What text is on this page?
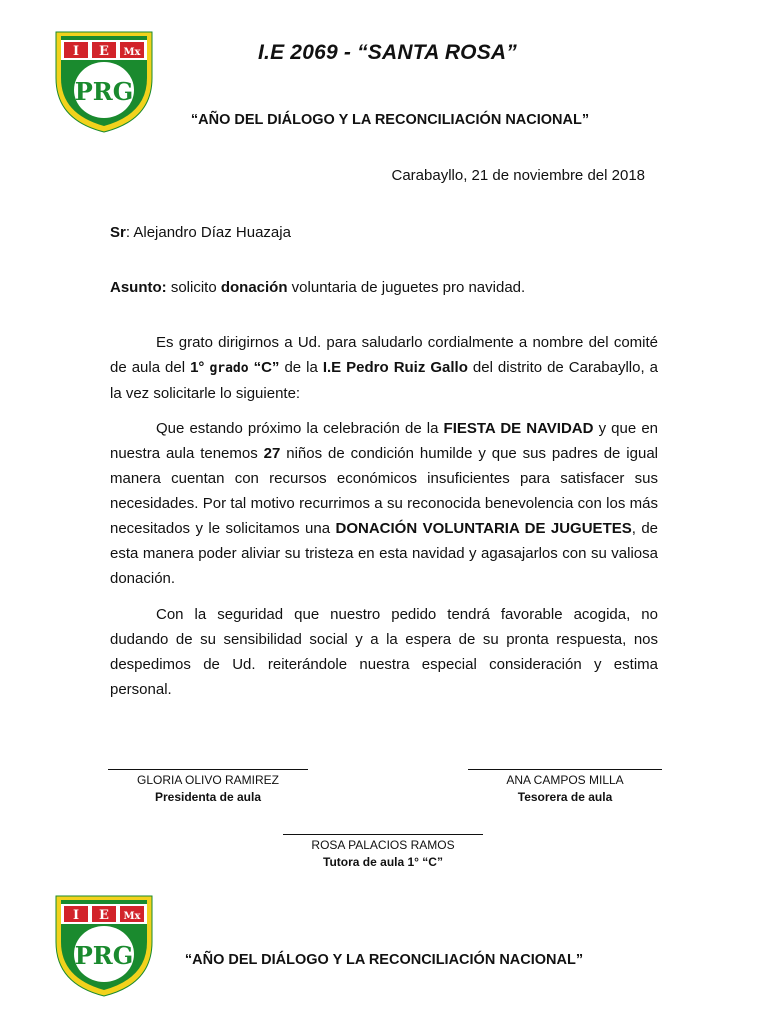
I E Mx
PRG
I.E 2069 - “SANTA ROSA”
“AÑO DEL DIÁLOGO Y LA RECONCILIACIÓN NACIONAL”
Carabayllo, 21 de noviembre del 2018
Sr: Alejandro Díaz Huazaja
Asunto: solicito donación voluntaria de juguetes pro navidad.
Es grato dirigirnos a Ud. para saludarlo cordialmente a nombre del comité de aula del 1° grado “C” de la I.E Pedro Ruiz Gallo del distrito de Carabayllo, a la vez solicitarle lo siguiente:
Que estando próximo la celebración de la FIESTA DE NAVIDAD y que en nuestra aula tenemos 27 niños de condición humilde y que sus padres de igual manera cuentan con recursos económicos insuficientes para satisfacer sus necesidades. Por tal motivo recurrimos a su reconocida benevolencia con los más necesitados y le solicitamos una DONACIÓN VOLUNTARIA DE JUGUETES, de esta manera poder aliviar su tristeza en esta navidad y agasajarlos con su valiosa donación.
Con la seguridad que nuestro pedido tendrá favorable acogida, no dudando de su sensibilidad social y a la espera de su pronta respuesta, nos despedimos de Ud. reiterándole nuestra especial consideración y estima personal.
GLORIA OLIVO RAMIREZ
Presidenta de aula
ANA CAMPOS MILLA
Tesorera de aula
ROSA PALACIOS RAMOS
Tutora de aula 1° “C”
I E Mx
PRG	“AÑO DEL DIÁLOGO Y LA RECONCILIACIÓN NACIONAL”
